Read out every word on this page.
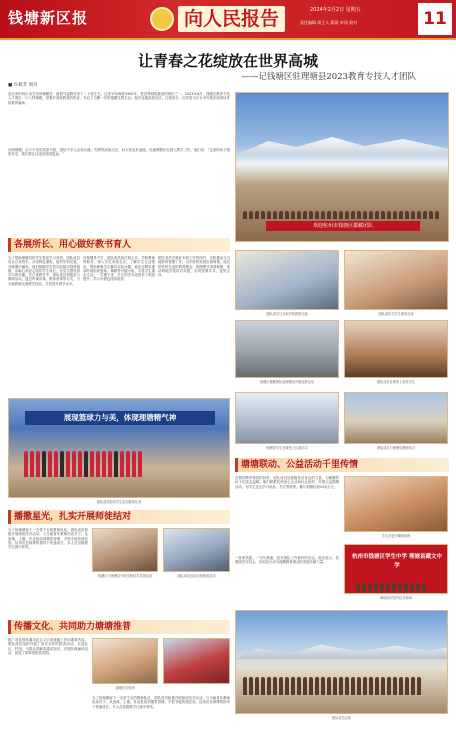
钱塘新区报	向人民报告	2024年2月2日 星期五
责任编辑 周王人 版面 审读 校对	11
让青春之花绽放在世界高城
——记钱塘区驻理塘县2023教育专技人才团队
■ 许莉芳 周丹
连日来的四川省甘孜州理塘县，最低气温降至零下二十度左右。这里平均海拔4300米，是世界海拔最高的城市之一。2023年8月，钱塘区教育专技人才团队一行入驻理塘，带着对高原教育的热爱，开启了为期一年的援藏支教生活。他们克服高原反应，扎根讲台，用青春与汗水书写着东西部协作的教育篇章。
初到理塘，由于不适应高原气候，团队中多人出现头痛、失眠等高原反应，但大家没有退缩，迅速调整状态投入教学工作。他们说：“这里的孩子眼里有光，我们要让这束光照得更远。”
欢迎杭州市钱塘区援藏团队
各展所长、用心做好教书育人
为了帮助理塘县的学生提高学习成绩，团队成员结合自身特长，开设特色课程，组织学科竞赛，开展课后辅导。他们根据学生的实际情况因材施教，用耐心和爱心陪伴学生成长，让学生感受到学习的乐趣。在日常教学中，团队成员积极参与教研活动，通过听课评课、集体备课等方式，与当地教师交流教学经验，共同提升教学水平。
在理塘县中学，团队成员担任班主任、学科教师等职务，深入学生家庭走访，了解学生生活情况，帮助困难学生解决实际问题。他们还利用课余时间组织篮球、舞蹈等兴趣小组，丰富学生课余生活。一学期下来，学生的学习成绩有了明显提升，学习习惯也得到改善。
团队成员在做好本职工作的同时，还积极参与当地教育管理工作，为学校的发展出谋划策。他们把杭州先进的教育理念、管理模式带到理塘，推动两地学校结对共建，实现资源共享、优势互补。
团队成员与当地学校教师交流	团队成员与学生课间交流
钱塘区援藏团队赴理塘县开展送教活动	团队成员在课堂上指导学生
展现篮球力与美，体现理塘精气神
团队成员组织学生参加篮球比赛
理塘县学生在课堂上认真学习	团队成员与理塘县教师结对
塘塘联动、公益活动千里传情
在做好教育帮扶的同时，团队成员还积极发动身边的力量，为理塘的孩子们送去温暖。他们联系杭州爱心企业和社会组织，开展公益捐赠活动，为学生送去学习用品、冬衣等物资，累计捐赠价值10余万元。
一张张笑脸、一句句感谢，是对团队工作最好的肯定。他们表示，将继续坚守初心，用实际行动为理塘教育事业的发展贡献力量。
学生在进行舞蹈排练
播撒星光，扎实开展师徒结对
为了给理塘留下一支带不走的教师队伍，团队成员积极开展师徒结对活动，与当地青年教师结成对子，从备课、上课、作业批改到课堂管理，手把手地传授经验。徒弟们在师傅的指导下快速成长，多人在县级教学比赛中获奖。
钱塘区与理塘县开展学校结对共建活动	团队成员参加当地推普活动
杭州市钱塘区学生中学 理塘县藏文中学
师徒结对签约仪式现场
传播文化、共同助力塘塘推普
推广普及国家通用语言文字是援藏工作的重要内容。团队成员组织开展了形式多样的推普活动，走进社区、村组，为群众讲解普通话知识，开展经典诵读活动，营造了浓厚的推普氛围。
捐赠仪式现场
为了给理塘留下一支带不走的教师队伍，团队成员积极开展师徒结对活动，与当地青年教师结成对子，从备课、上课、作业批改到课堂管理，手把手地传授经验。徒弟们在师傅的指导下快速成长，多人在县级教学比赛中获奖。
团队成员合影
